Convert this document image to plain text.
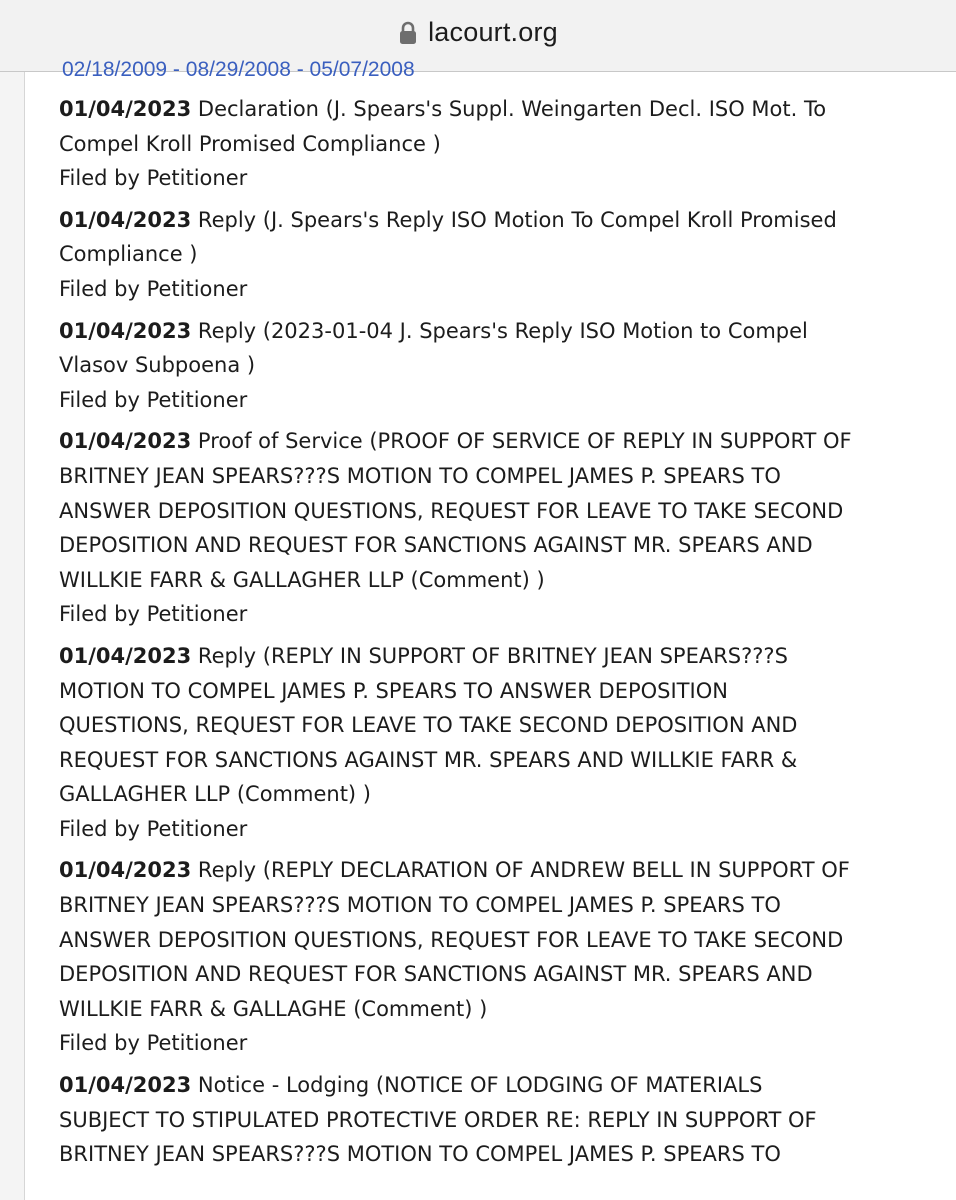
lacourt.org
02/18/2009 - 08/29/2008 - 05/07/2008
01/04/2023 Declaration (J. Spears's Suppl. Weingarten Decl. ISO Mot. To Compel Kroll Promised Compliance )
Filed by Petitioner
01/04/2023 Reply (J. Spears's Reply ISO Motion To Compel Kroll Promised Compliance )
Filed by Petitioner
01/04/2023 Reply (2023-01-04 J. Spears's Reply ISO Motion to Compel Vlasov Subpoena )
Filed by Petitioner
01/04/2023 Proof of Service (PROOF OF SERVICE OF REPLY IN SUPPORT OF BRITNEY JEAN SPEARS???S MOTION TO COMPEL JAMES P. SPEARS TO ANSWER DEPOSITION QUESTIONS, REQUEST FOR LEAVE TO TAKE SECOND DEPOSITION AND REQUEST FOR SANCTIONS AGAINST MR. SPEARS AND WILLKIE FARR & GALLAGHER LLP (Comment) )
Filed by Petitioner
01/04/2023 Reply (REPLY IN SUPPORT OF BRITNEY JEAN SPEARS???S MOTION TO COMPEL JAMES P. SPEARS TO ANSWER DEPOSITION QUESTIONS, REQUEST FOR LEAVE TO TAKE SECOND DEPOSITION AND REQUEST FOR SANCTIONS AGAINST MR. SPEARS AND WILLKIE FARR & GALLAGHER LLP (Comment) )
Filed by Petitioner
01/04/2023 Reply (REPLY DECLARATION OF ANDREW BELL IN SUPPORT OF BRITNEY JEAN SPEARS???S MOTION TO COMPEL JAMES P. SPEARS TO ANSWER DEPOSITION QUESTIONS, REQUEST FOR LEAVE TO TAKE SECOND DEPOSITION AND REQUEST FOR SANCTIONS AGAINST MR. SPEARS AND WILLKIE FARR & GALLAGHE (Comment) )
Filed by Petitioner
01/04/2023 Notice - Lodging (NOTICE OF LODGING OF MATERIALS SUBJECT TO STIPULATED PROTECTIVE ORDER RE: REPLY IN SUPPORT OF BRITNEY JEAN SPEARS???S MOTION TO COMPEL JAMES P. SPEARS TO
